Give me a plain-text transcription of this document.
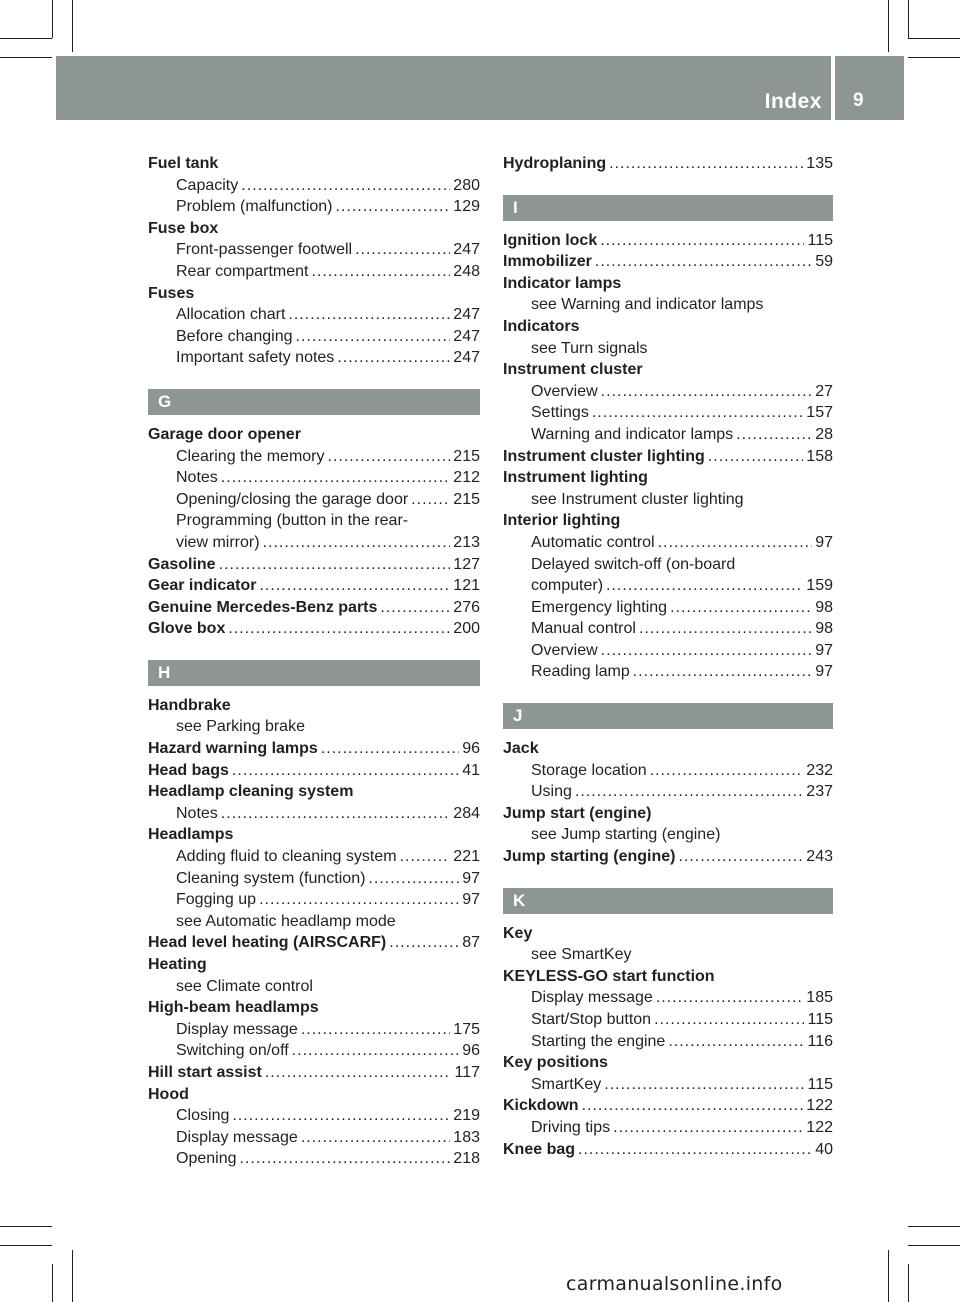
Index 9
Fuel tank
Capacity .....	280
Problem (malfunction) .....	129
Fuse box
Front-passenger footwell .....	247
Rear compartment .....	248
Fuses
Allocation chart .....	247
Before changing .....	247
Important safety notes .....	247
G
Garage door opener
Clearing the memory .....	215
Notes .....	212
Opening/closing the garage door .....	215
Programming (button in the rear-
view mirror) .....	213
Gasoline .....	127
Gear indicator .....	121
Genuine Mercedes-Benz parts .....	276
Glove box .....	200
H
Handbrake
see Parking brake
Hazard warning lamps .....	96
Head bags .....	41
Headlamp cleaning system
Notes .....	284
Headlamps
Adding fluid to cleaning system .....	221
Cleaning system (function) .....	97
Fogging up .....	97
see Automatic headlamp mode
Head level heating (AIRSCARF) .....	87
Heating
see Climate control
High-beam headlamps
Display message .....	175
Switching on/off .....	96
Hill start assist .....	117
Hood
Closing .....	219
Display message .....	183
Opening .....	218
Hydroplaning .....	135
I
Ignition lock .....	115
Immobilizer .....	59
Indicator lamps
see Warning and indicator lamps
Indicators
see Turn signals
Instrument cluster
Overview .....	27
Settings .....	157
Warning and indicator lamps .....	28
Instrument cluster lighting .....	158
Instrument lighting
see Instrument cluster lighting
Interior lighting
Automatic control .....	97
Delayed switch-off (on-board
computer) .....	159
Emergency lighting .....	98
Manual control .....	98
Overview .....	97
Reading lamp .....	97
J
Jack
Storage location .....	232
Using .....	237
Jump start (engine)
see Jump starting (engine)
Jump starting (engine) .....	243
K
Key
see SmartKey
KEYLESS-GO start function
Display message .....	185
Start/Stop button .....	115
Starting the engine .....	116
Key positions
SmartKey .....	115
Kickdown .....	122
Driving tips .....	122
Knee bag .....	40
carmanualsonline.info
